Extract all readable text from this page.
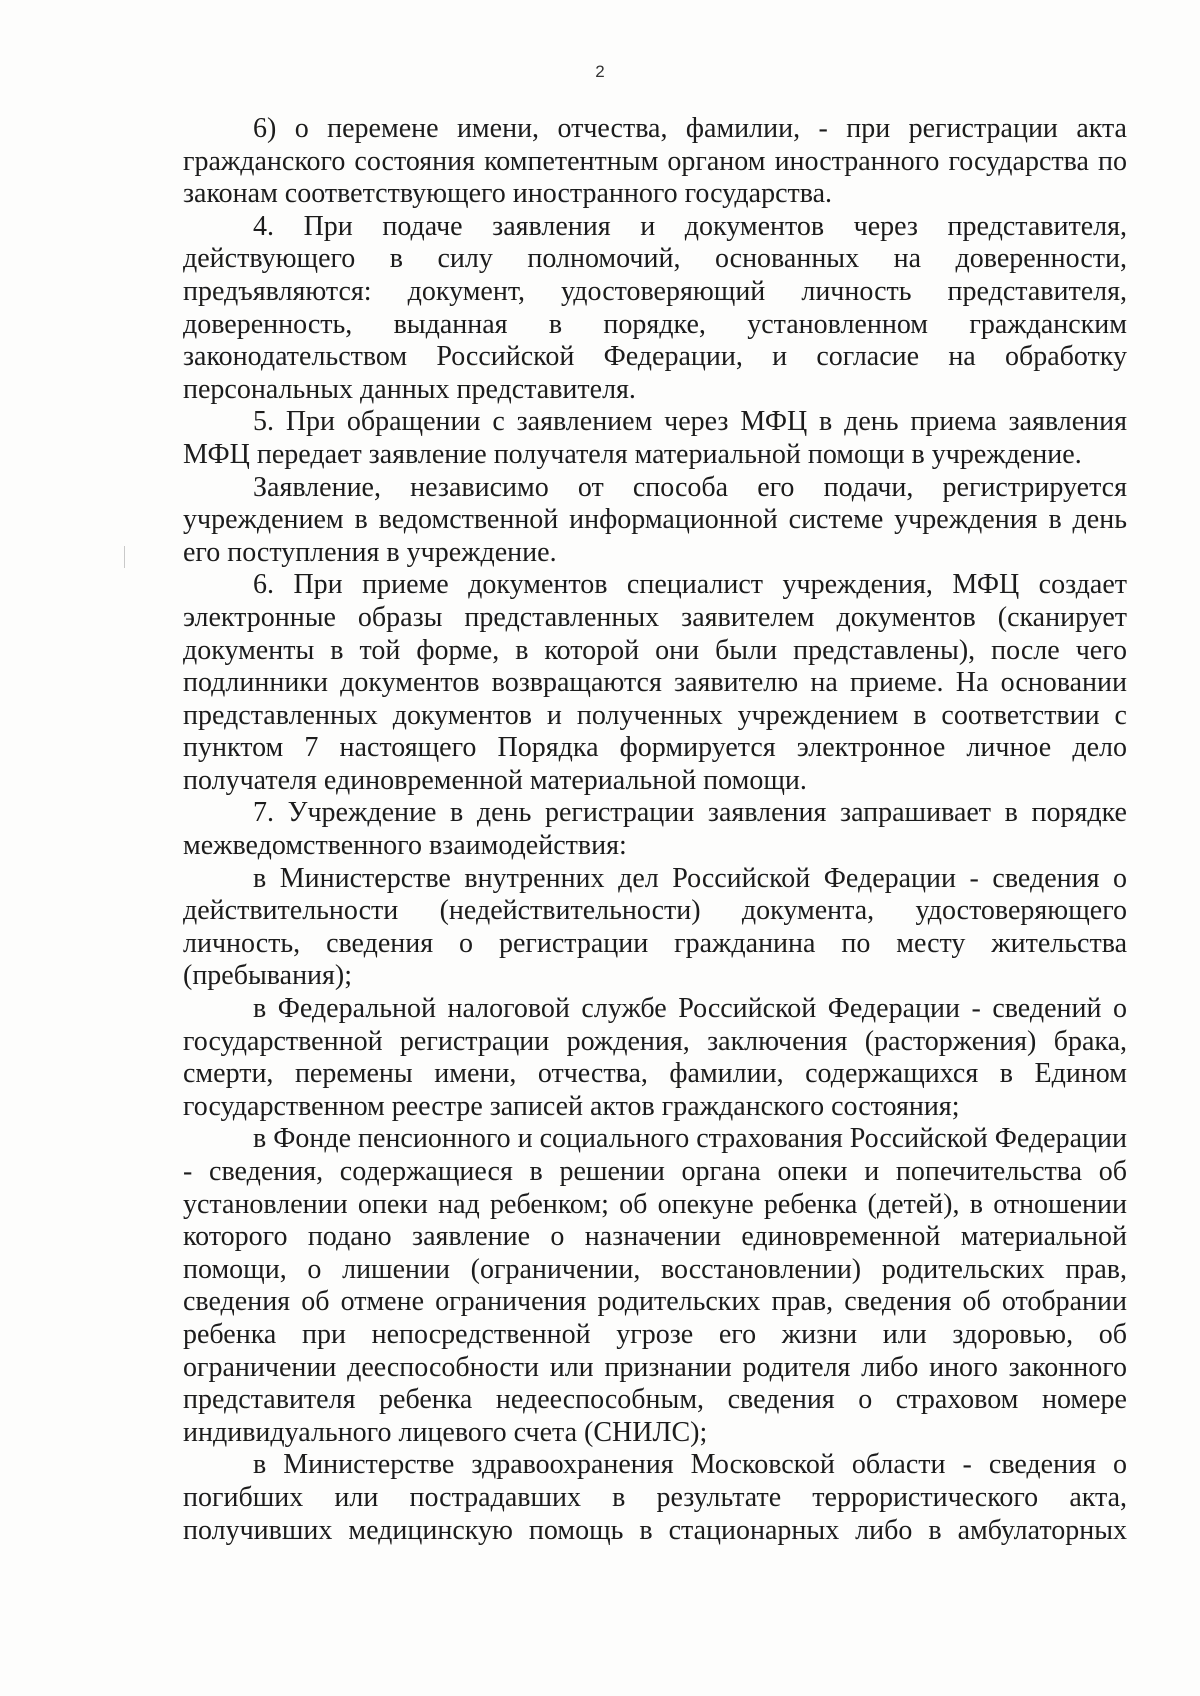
2

6) о перемене имени, отчества, фамилии, - при регистрации акта гражданского состояния компетентным органом иностранного государства по законам соответствующего иностранного государства.

4. При подаче заявления и документов через представителя, действующего в силу полномочий, основанных на доверенности, предъявляются: документ, удостоверяющий личность представителя, доверенность, выданная в порядке, установленном гражданским законодательством Российской Федерации, и согласие на обработку персональных данных представителя.

5. При обращении с заявлением через МФЦ в день приема заявления МФЦ передает заявление получателя материальной помощи в учреждение.

Заявление, независимо от способа его подачи, регистрируется учреждением в ведомственной информационной системе учреждения в день его поступления в учреждение.

6. При приеме документов специалист учреждения, МФЦ создает электронные образы представленных заявителем документов (сканирует документы в той форме, в которой они были представлены), после чего подлинники документов возвращаются заявителю на приеме. На основании представленных документов и полученных учреждением в соответствии с пунктом 7 настоящего Порядка формируется электронное личное дело получателя единовременной материальной помощи.

7. Учреждение в день регистрации заявления запрашивает в порядке межведомственного взаимодействия:

в Министерстве внутренних дел Российской Федерации - сведения о действительности (недействительности) документа, удостоверяющего личность, сведения о регистрации гражданина по месту жительства (пребывания);

в Федеральной налоговой службе Российской Федерации - сведений о государственной регистрации рождения, заключения (расторжения) брака, смерти, перемены имени, отчества, фамилии, содержащихся в Едином государственном реестре записей актов гражданского состояния;

в Фонде пенсионного и социального страхования Российской Федерации - сведения, содержащиеся в решении органа опеки и попечительства об установлении опеки над ребенком; об опекуне ребенка (детей), в отношении которого подано заявление о назначении единовременной материальной помощи, о лишении (ограничении, восстановлении) родительских прав, сведения об отмене ограничения родительских прав, сведения об отобрании ребенка при непосредственной угрозе его жизни или здоровью, об ограничении дееспособности или признании родителя либо иного законного представителя ребенка недееспособным, сведения о страховом номере индивидуального лицевого счета (СНИЛС);

в Министерстве здравоохранения Московской области - сведения о погибших или пострадавших в результате террористического акта, получивших медицинскую помощь в стационарных либо в амбулаторных
